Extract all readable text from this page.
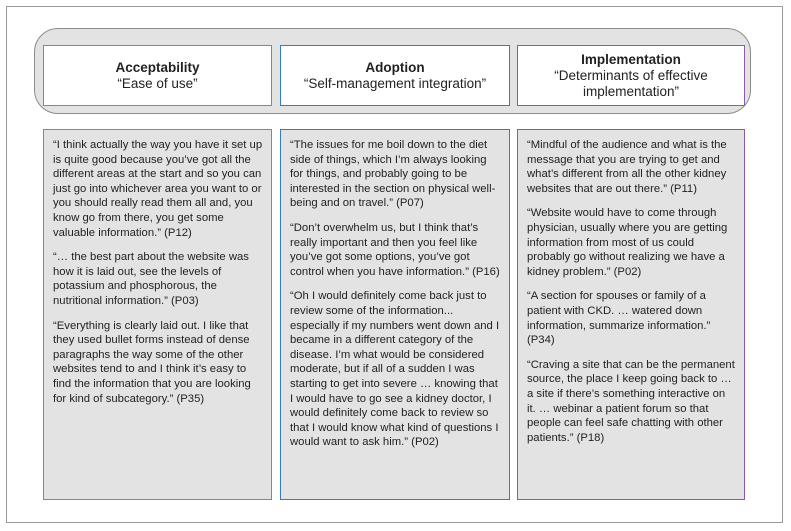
Acceptability
“Ease of use”
Adoption
“Self-management integration”
Implementation
“Determinants of effective
implementation”

“I think actually the way you have it set up is quite good because you’ve got all the different areas at the start and so you can just go into whichever area you want to or you should really read them all and, you know go from there, you get some valuable information.” (P12)

“… the best part about the website was how it is laid out, see the levels of potassium and phosphorous, the nutritional information.” (P03)

“Everything is clearly laid out. I like that they used bullet forms instead of dense paragraphs the way some of the other websites tend to and I think it’s easy to find the information that you are looking for kind of subcategory.” (P35)

“The issues for me boil down to the diet side of things, which I’m always looking for things, and probably going to be interested in the section on physical well-being and on travel.” (P07)

“Don’t overwhelm us, but I think that’s really important and then you feel like you’ve got some options, you’ve got control when you have information.” (P16)

“Oh I would definitely come back just to review some of the information... especially if my numbers went down and I became in a different category of the disease. I’m what would be considered moderate, but if all of a sudden I was starting to get into severe … knowing that I would have to go see a kidney doctor, I would definitely come back to review so that I would know what kind of questions I would want to ask him.” (P02)

“Mindful of the audience and what is the message that you are trying to get and what’s different from all the other kidney websites that are out there.” (P11)

“Website would have to come through physician, usually where you are getting information from most of us could probably go without realizing we have a kidney problem.” (P02)

“A section for spouses or family of a patient with CKD. … watered down information, summarize information.” (P34)

“Craving a site that can be the permanent source, the place I keep going back to … a site if there’s something interactive on it. … webinar a patient forum so that people can feel safe chatting with other patients.” (P18)
